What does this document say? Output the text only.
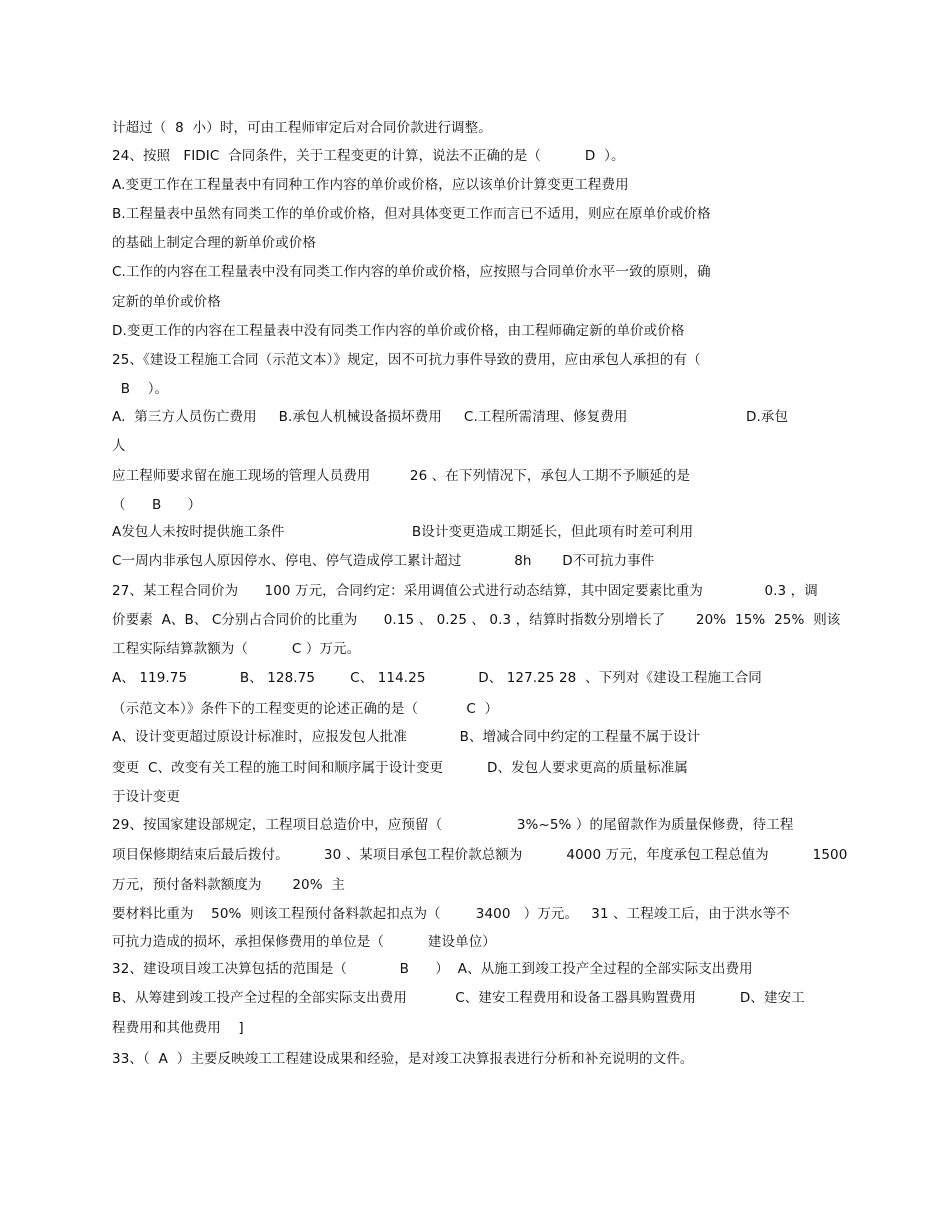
计超过（  8  小）时，可由工程师审定后对合同价款进行调整。
24、按照   FIDIC  合同条件，关于工程变更的计算，说法不正确的是（          D  ）。
A.变更工作在工程量表中有同种工作内容的单价或价格，应以该单价计算变更工程费用
B.工程量表中虽然有同类工作的单价或价格，但对具体变更工作而言已不适用，则应在原单价或价格
的基础上制定合理的新单价或价格
C.工作的内容在工程量表中没有同类工作内容的单价或价格，应按照与合同单价水平一致的原则，确
定新的单价或价格
D.变更工作的内容在工程量表中没有同类工作内容的单价或价格，由工程师确定新的单价或价格
25、《建设工程施工合同（示范文本）》规定，因不可抗力事件导致的费用，应由承包人承担的有（
B    ）。
A.  第三方人员伤亡费用     B.承包人机械设备损坏费用     C.工程所需清理、修复费用                           D.承包
人
应工程师要求留在施工现场的管理人员费用         26 、在下列情况下，承包人工期不予顺延的是
（      B      ）
A发包人未按时提供施工条件                             B设计变更造成工期延长，但此项有时差可利用
C一周内非承包人原因停水、停电、停气造成停工累计超过            8h       D不可抗力事件
27、某工程合同价为      100 万元，合同约定：采用调值公式进行动态结算，其中固定要素比重为              0.3 ，调
价要素  A、B、 C分别占合同价的比重为      0.15 、 0.25 、 0.3 ，结算时指数分别增长了       20%  15%  25%  则该
工程实际结算款额为（          C ）万元。
A、 119.75            B、 128.75        C、 114.25            D、 127.25 28  、下列对《建设工程施工合同
（示范文本）》条件下的工程变更的论述正确的是（           C  ）
A、设计变更超过原设计标准时，应报发包人批准            B、增减合同中约定的工程量不属于设计
变更  C、改变有关工程的施工时间和顺序属于设计变更          D、发包人要求更高的质量标准属
于设计变更
29、按国家建设部规定，工程项目总造价中，应预留（                 3%~5% ）的尾留款作为质量保修费，待工程
项目保修期结束后最后拨付。        30 、某项目承包工程价款总额为          4000 万元，年度承包工程总值为          1500
万元，预付备料款额度为       20%  主
要材料比重为    50%  则该工程预付备料款起扣点为（        3400   ）万元。   31 、工程竣工后，由于洪水等不
可抗力造成的损坏，承担保修费用的单位是（          建设单位）
32、建设项目竣工决算包括的范围是（            B      ）  A、从施工到竣工投产全过程的全部实际支出费用
B、从筹建到竣工投产全过程的全部实际支出费用           C、建安工程费用和设备工器具购置费用          D、建安工
程费用和其他费用    ]
33、（  A  ）主要反映竣工工程建设成果和经验，是对竣工决算报表进行分析和补充说明的文件。
